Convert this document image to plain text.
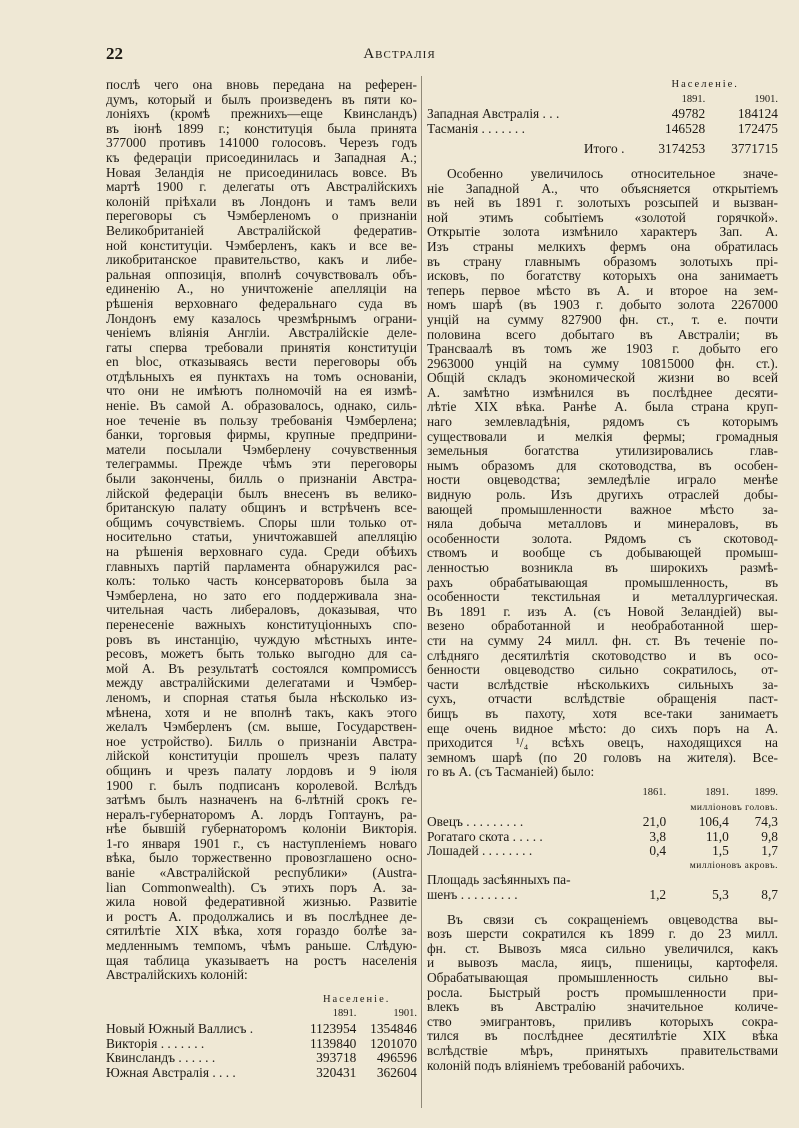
22	Австралія
послѣ чего она вновь передана на референ-
думъ, который и былъ произведенъ въ пяти ко-
лоніяхъ (кромѣ прежнихъ—еще Квинсландъ)
въ іюнѣ 1899 г.; конституція была принята
377000 противъ 141000 голосовъ. Черезъ годъ
къ федераціи присоединилась и Западная А.;
Новая Зеландія не присоединилась вовсе. Въ
мартѣ 1900 г. делегаты отъ Австралійскихъ
колоній пріѣхали въ Лондонъ и тамъ вели
переговоры съ Чэмберленомъ о признаніи
Великобританіей Австралійской федератив-
ной конституціи. Чэмберленъ, какъ и все ве-
ликобританское правительство, какъ и либе-
ральная оппозиція, вполнѣ сочувствовалъ объ-
единенію А., но уничтоженіе апелляціи на
рѣшенія верховнаго федеральнаго суда въ
Лондонъ ему казалось чрезмѣрнымъ ограни-
ченіемъ вліянія Англіи. Австралійскіе деле-
гаты сперва требовали принятія конституціи
en bloc, отказываясь вести переговоры объ
отдѣльныхъ ея пунктахъ на томъ основаніи,
что они не имѣютъ полномочій на ея измѣ-
неніе. Въ самой А. образовалось, однако, силь-
ное теченіе въ пользу требованія Чэмберлена;
банки, торговыя фирмы, крупные предприни-
матели посылали Чэмберлену сочувственныя
телеграммы. Прежде чѣмъ эти переговоры
были закончены, билль о признаніи Австра-
лійской федераціи былъ внесенъ въ велико-
британскую палату общинъ и встрѣченъ все-
общимъ сочувствіемъ. Споры шли только от-
носительно статьи, уничтожавшей апелляцію
на рѣшенія верховнаго суда. Среди обѣихъ
главныхъ партій парламента обнаружился рас-
колъ: только часть консерваторовъ была за
Чэмберлена, но зато его поддерживала зна-
чительная часть либераловъ, доказывая, что
перенесеніе важныхъ конституціонныхъ спо-
ровъ въ инстанцію, чуждую мѣстныхъ инте-
ресовъ, можетъ быть только выгодно для са-
мой А. Въ результатѣ состоялся компромиссъ
между австралійскими делегатами и Чэмбер-
леномъ, и спорная статья была нѣсколько из-
мѣнена, хотя и не вполнѣ такъ, какъ этого
желалъ Чэмберленъ (см. выше, Государствен-
ное устройство). Билль о признаніи Австра-
лійской конституціи прошелъ чрезъ палату
общинъ и чрезъ палату лордовъ и 9 іюля
1900 г. былъ подписанъ королевой. Вслѣдъ
затѣмъ былъ назначенъ на 6-лѣтній срокъ ге-
нералъ-губернаторомъ А. лордъ Гоптаунъ, ра-
нѣе бывшій губернаторомъ колоніи Викторія.
1-го января 1901 г., съ наступленіемъ новаго
вѣка, было торжественно провозглашено осно-
ваніе «Австралійской республики» (Austra-
lian Commonwealth). Съ этихъ поръ А. за-
жила новой федеративной жизнью. Развитіе
и ростъ А. продолжались и въ послѣднее де-
сятилѣтіе XIX вѣка, хотя гораздо болѣе за-
медленнымъ темпомъ, чѣмъ раньше. Слѣдую-
щая таблица указываетъ на ростъ населенія
Австралійскихъ колоній:
	Населеніе.	
	1891.	1901.
Новый Южный Валлисъ .	1123954	1354846
Викторія . . . . . . .	1139840	1201070
Квинсландъ . . . . . .	393718	496596
Южная Австралія . . . .	320431	362604
	Населеніе.	
	1891.	1901.
Западная Австралія . . .	49782	184124
Тасманія . . . . . . .	146528	172475

Итого .	3174253	3771715
Особенно увеличилось относительное значе-
ніе Западной А., что объясняется открытіемъ
въ ней въ 1891 г. золотыхъ розсыпей и вызван-
ной этимъ событіемъ «золотой горячкой».
Открытіе золота измѣнило характеръ Зап. А.
Изъ страны мелкихъ фермъ она обратилась
въ страну главнымъ образомъ золотыхъ прі-
исковъ, по богатству которыхъ она занимаетъ
теперь первое мѣсто въ А. и второе на зем-
номъ шарѣ (въ 1903 г. добыто золота 2267000
унцій на сумму 827900 фн. ст., т. е. почти
половина всего добытаго въ Австраліи; въ
Трансваалѣ въ томъ же 1903 г. добыто его
2963000 унцій на сумму 10815000 фн. ст.).
Общій складъ экономической жизни во всей
А. замѣтно измѣнился въ послѣднее десяти-
лѣтіе XIX вѣка. Ранѣе А. была страна круп-
наго землевладѣнія, рядомъ съ которымъ
существовали и мелкія фермы; громадныя
земельныя богатства утилизировались глав-
нымъ образомъ для скотоводства, въ особен-
ности овцеводства; земледѣліе играло менѣе
видную роль. Изъ другихъ отраслей добы-
вающей промышленности важное мѣсто за-
няла добыча металловъ и минераловъ, въ
особенности золота. Рядомъ съ скотовод-
ствомъ и вообще съ добывающей промыш-
ленностью возникла въ широкихъ размѣ-
рахъ обрабатывающая промышленность, въ
особенности текстильная и металлургическая.
Въ 1891 г. изъ А. (съ Новой Зеландіей) вы-
везено обработанной и необработанной шер-
сти на сумму 24 милл. фн. ст. Въ теченіе по-
слѣдняго десятилѣтія скотоводство и въ осо-
бенности овцеводство сильно сократилось, от-
части вслѣдствіе нѣсколькихъ сильныхъ за-
сухъ, отчасти вслѣдствіе обращенія паст-
бищъ въ пахоту, хотя все-таки занимаетъ
еще очень видное мѣсто: до сихъ поръ на А.
приходится ¹/₄ всѣхъ овецъ, находящихся на
земномъ шарѣ (по 20 головъ на жителя). Все-
го въ А. (съ Тасманіей) было:
	1861.	1891.	1899.
милліоновъ головъ.			
Овецъ . . . . . . . . .	21,0	106,4	74,3
Рогатаго скота . . . . .	3,8	11,0	9,8
Лошадей . . . . . . . .	0,4	1,5	1,7
милліоновъ акровъ.			
Площадь засѣянныхъ па-			
шенъ . . . . . . . . .	1,2	5,3	8,7
Въ связи съ сокращеніемъ овцеводства вы-
возъ шерсти сократился къ 1899 г. до 23 милл.
фн. ст. Вывозъ мяса сильно увеличился, какъ
и вывозъ масла, яицъ, пшеницы, картофеля.
Обрабатывающая промышленность сильно вы-
росла. Быстрый ростъ промышленности при-
влекъ въ Австралію значительное количе-
ство эмигрантовъ, приливъ которыхъ сокра-
тился въ послѣднее десятилѣтіе XIX вѣка
вслѣдствіе мѣръ, принятыхъ правительствами
колоній подъ вліяніемъ требованій рабочихъ.
